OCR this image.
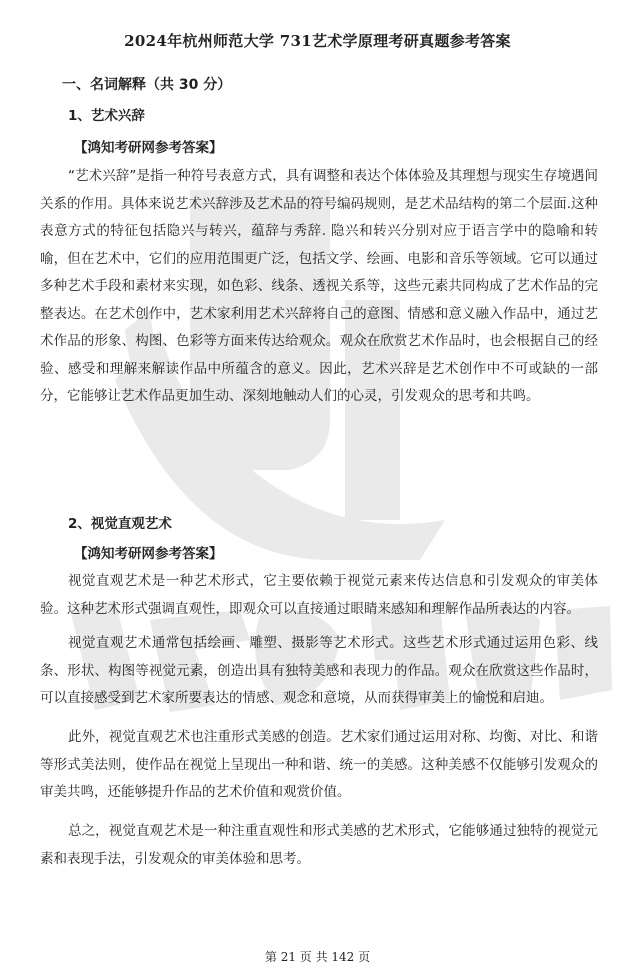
2024年杭州师范大学 731艺术学原理考研真题参考答案
一、名词解释（共 30 分）
1、艺术兴辞
【鸿知考研网参考答案】
“艺术兴辞”是指一种符号表意方式，具有调整和表达个体体验及其理想与现实生存境遇间关系的作用。具体来说艺术兴辞涉及艺术品的符号编码规则，是艺术品结构的第二个层面.这种表意方式的特征包括隐兴与转兴，蕴辞与秀辞. 隐兴和转兴分别对应于语言学中的隐喻和转喻，但在艺术中，它们的应用范围更广泛，包括文学、绘画、电影和音乐等领域。它可以通过多种艺术手段和素材来实现，如色彩、线条、透视关系等，这些元素共同构成了艺术作品的完整表达。在艺术创作中，艺术家利用艺术兴辞将自己的意图、情感和意义融入作品中，通过艺术作品的形象、构图、色彩等方面来传达给观众。观众在欣赏艺术作品时，也会根据自己的经验、感受和理解来解读作品中所蕴含的意义。因此，艺术兴辞是艺术创作中不可或缺的一部分，它能够让艺术作品更加生动、深刻地触动人们的心灵，引发观众的思考和共鸣。
2、视觉直观艺术
【鸿知考研网参考答案】
视觉直观艺术是一种艺术形式，它主要依赖于视觉元素来传达信息和引发观众的审美体验。这种艺术形式强调直观性，即观众可以直接通过眼睛来感知和理解作品所表达的内容。
视觉直观艺术通常包括绘画、雕塑、摄影等艺术形式。这些艺术形式通过运用色彩、线条、形状、构图等视觉元素，创造出具有独特美感和表现力的作品。观众在欣赏这些作品时，可以直接感受到艺术家所要表达的情感、观念和意境，从而获得审美上的愉悦和启迪。
此外，视觉直观艺术也注重形式美感的创造。艺术家们通过运用对称、均衡、对比、和谐等形式美法则，使作品在视觉上呈现出一种和谐、统一的美感。这种美感不仅能够引发观众的审美共鸣，还能够提升作品的艺术价值和观赏价值。
总之，视觉直观艺术是一种注重直观性和形式美感的艺术形式，它能够通过独特的视觉元素和表现手法，引发观众的审美体验和思考。
第 21 页 共 142 页
